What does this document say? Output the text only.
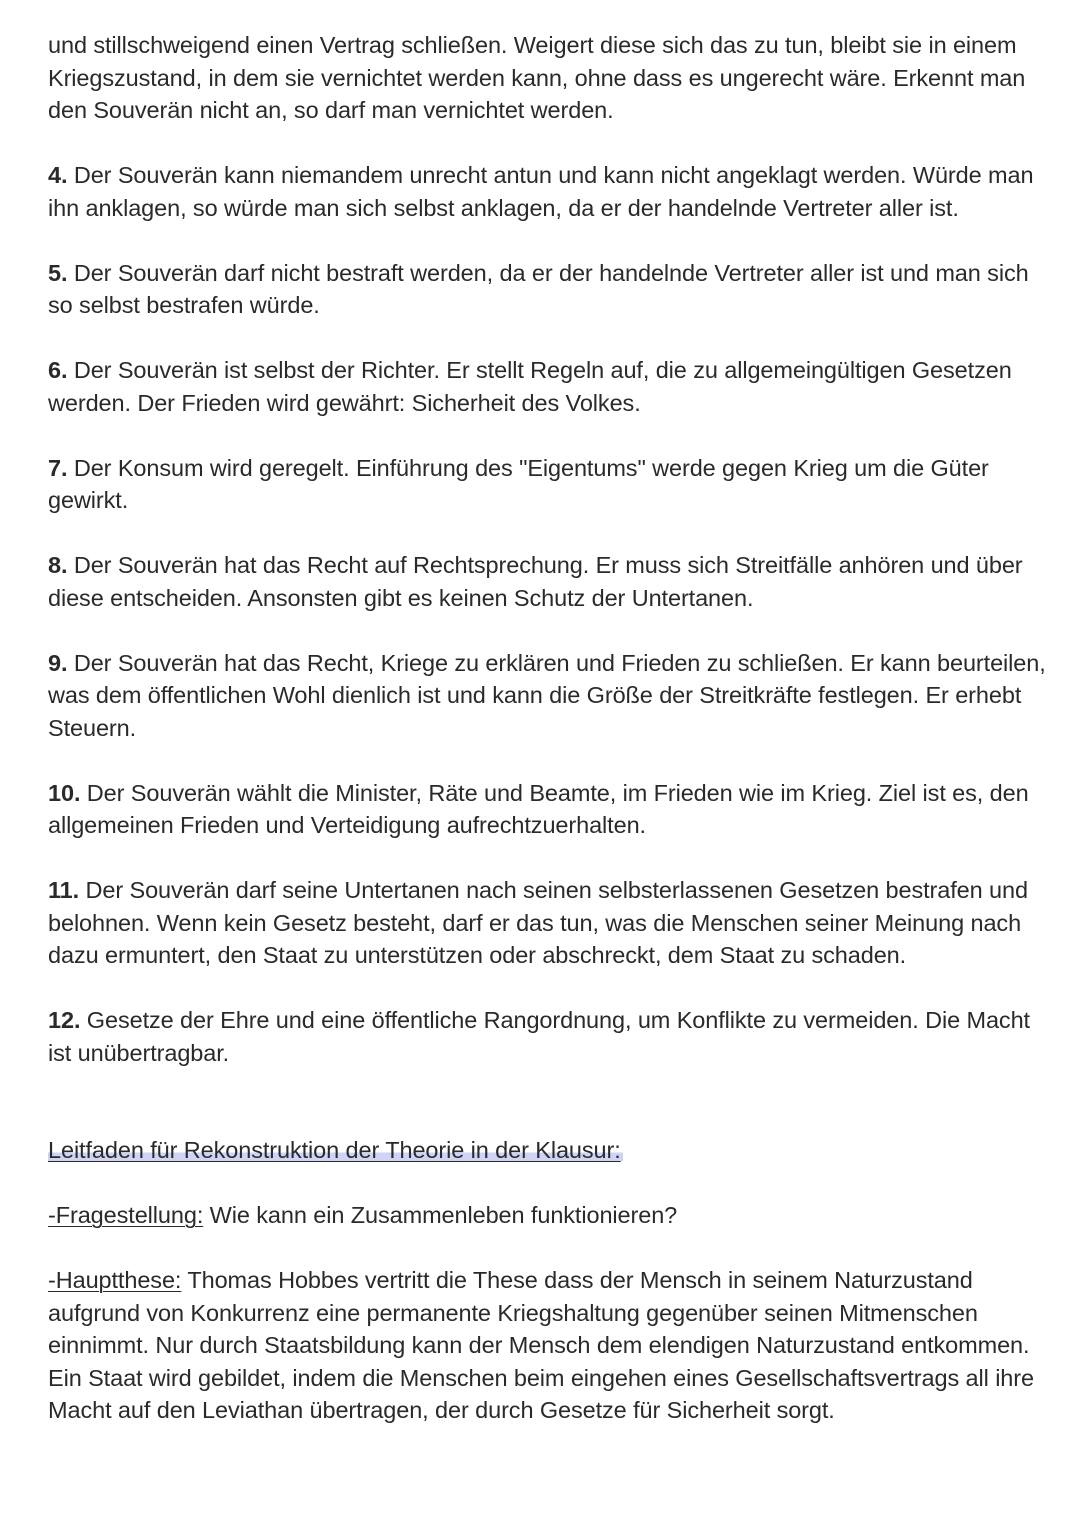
und stillschweigend einen Vertrag schließen. Weigert diese sich das zu tun, bleibt sie in einem Kriegszustand, in dem sie vernichtet werden kann, ohne dass es ungerecht wäre. Erkennt man den Souverän nicht an, so darf man vernichtet werden.

4. Der Souverän kann niemandem unrecht antun und kann nicht angeklagt werden. Würde man ihn anklagen, so würde man sich selbst anklagen, da er der handelnde Vertreter aller ist.

5. Der Souverän darf nicht bestraft werden, da er der handelnde Vertreter aller ist und man sich so selbst bestrafen würde.

6. Der Souverän ist selbst der Richter. Er stellt Regeln auf, die zu allgemeingültigen Gesetzen werden. Der Frieden wird gewährt: Sicherheit des Volkes.

7. Der Konsum wird geregelt. Einführung des "Eigentums" werde gegen Krieg um die Güter gewirkt.

8. Der Souverän hat das Recht auf Rechtsprechung. Er muss sich Streitfälle anhören und über diese entscheiden. Ansonsten gibt es keinen Schutz der Untertanen.

9. Der Souverän hat das Recht, Kriege zu erklären und Frieden zu schließen. Er kann beurteilen, was dem öffentlichen Wohl dienlich ist und kann die Größe der Streitkräfte festlegen. Er erhebt Steuern.

10. Der Souverän wählt die Minister, Räte und Beamte, im Frieden wie im Krieg. Ziel ist es, den allgemeinen Frieden und Verteidigung aufrechtzuerhalten.

11. Der Souverän darf seine Untertanen nach seinen selbsterlassenen Gesetzen bestrafen und belohnen. Wenn kein Gesetz besteht, darf er das tun, was die Menschen seiner Meinung nach dazu ermuntert, den Staat zu unterstützen oder abschreckt, dem Staat zu schaden.

12. Gesetze der Ehre und eine öffentliche Rangordnung, um Konflikte zu vermeiden. Die Macht ist unübertragbar.

Leitfaden für Rekonstruktion der Theorie in der Klausur:

-Fragestellung: Wie kann ein Zusammenleben funktionieren?

-Hauptthese: Thomas Hobbes vertritt die These dass der Mensch in seinem Naturzustand aufgrund von Konkurrenz eine permanente Kriegshaltung gegenüber seinen Mitmenschen einnimmt. Nur durch Staatsbildung kann der Mensch dem elendigen Naturzustand entkommen. Ein Staat wird gebildet, indem die Menschen beim eingehen eines Gesellschaftsvertrags all ihre Macht auf den Leviathan übertragen, der durch Gesetze für Sicherheit sorgt.
